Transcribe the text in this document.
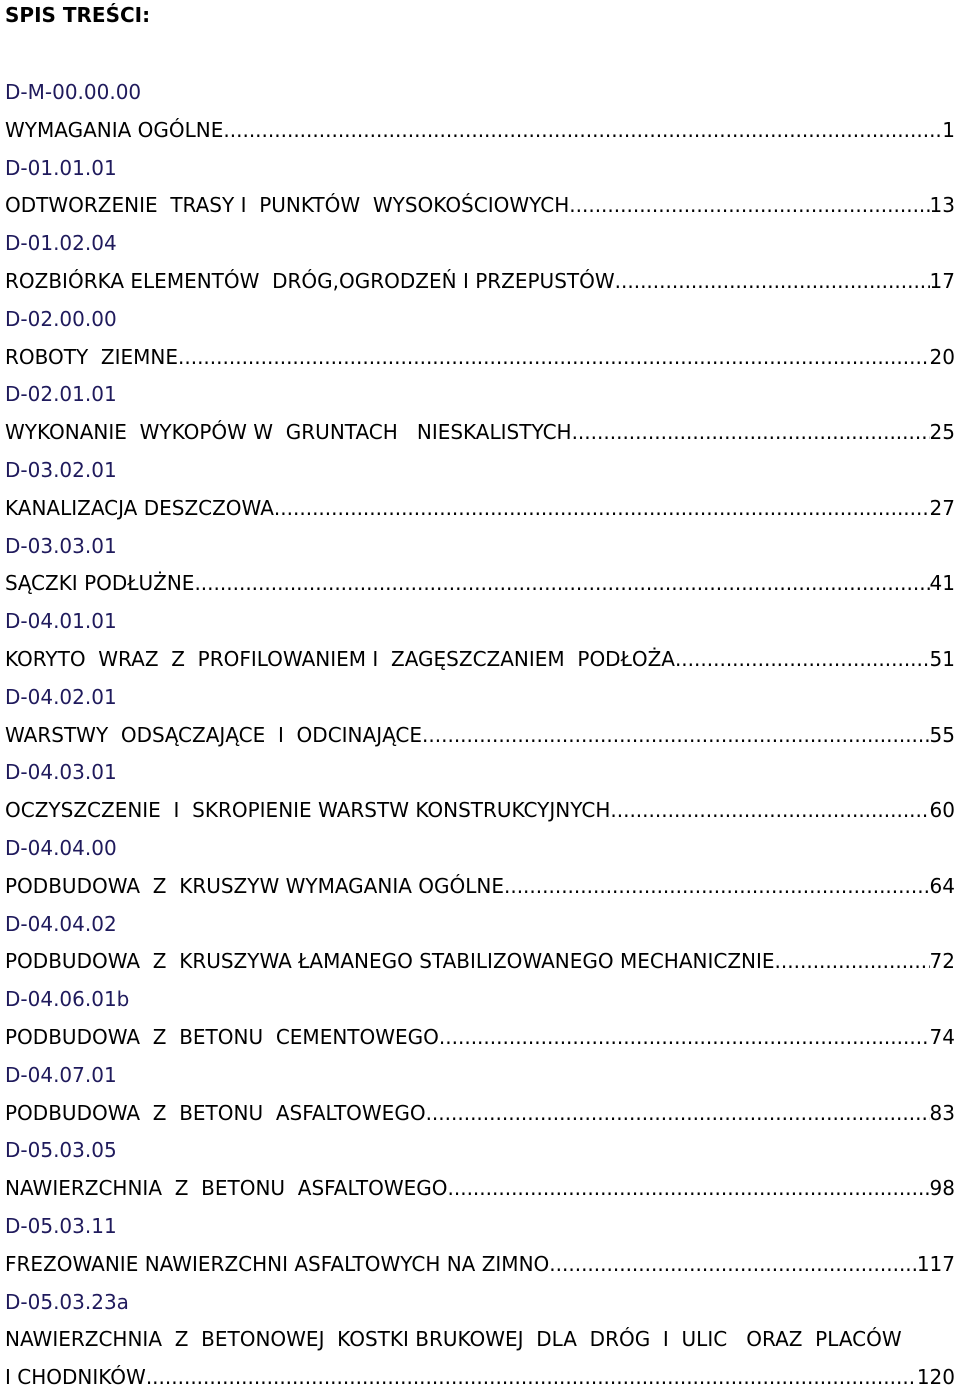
SPIS TREŚCI:
D-M-00.00.00
WYMAGANIA OGÓLNE .....	1
D-01.01.01
ODTWORZENIE  TRASY I  PUNKTÓW  WYSOKOŚCIOWYCH .....	13
D-01.02.04
ROZBIÓRKA ELEMENTÓW  DRÓG,OGRODZEŃ I PRZEPUSTÓW .....	17
D-02.00.00
ROBOTY  ZIEMNE .....	20
D-02.01.01
WYKONANIE  WYKOPÓW W  GRUNTACH   NIESKALISTYCH .....	25
D-03.02.01
KANALIZACJA DESZCZOWA .....	27
D-03.03.01
SĄCZKI PODŁUŻNE .....	41
D-04.01.01
KORYTO  WRAZ  Z  PROFILOWANIEM I  ZAGĘSZCZANIEM  PODŁOŻA .....	51
D-04.02.01
WARSTWY  ODSĄCZAJĄCE  I  ODCINAJĄCE .....	55
D-04.03.01
OCZYSZCZENIE  I  SKROPIENIE WARSTW KONSTRUKCYJNYCH .....	60
D-04.04.00
PODBUDOWA  Z  KRUSZYW WYMAGANIA OGÓLNE .....	64
D-04.04.02
PODBUDOWA  Z  KRUSZYWA ŁAMANEGO STABILIZOWANEGO MECHANICZNIE .....	72
D-04.06.01b
PODBUDOWA  Z  BETONU  CEMENTOWEGO .....	74
D-04.07.01
PODBUDOWA  Z  BETONU  ASFALTOWEGO .....	83
D-05.03.05
NAWIERZCHNIA  Z  BETONU  ASFALTOWEGO .....	98
D-05.03.11
FREZOWANIE NAWIERZCHNI ASFALTOWYCH NA ZIMNO .....	117
D-05.03.23a
NAWIERZCHNIA  Z  BETONOWEJ  KOSTKI BRUKOWEJ  DLA  DRÓG  I  ULIC   ORAZ  PLACÓW
I CHODNIKÓW .....	120
